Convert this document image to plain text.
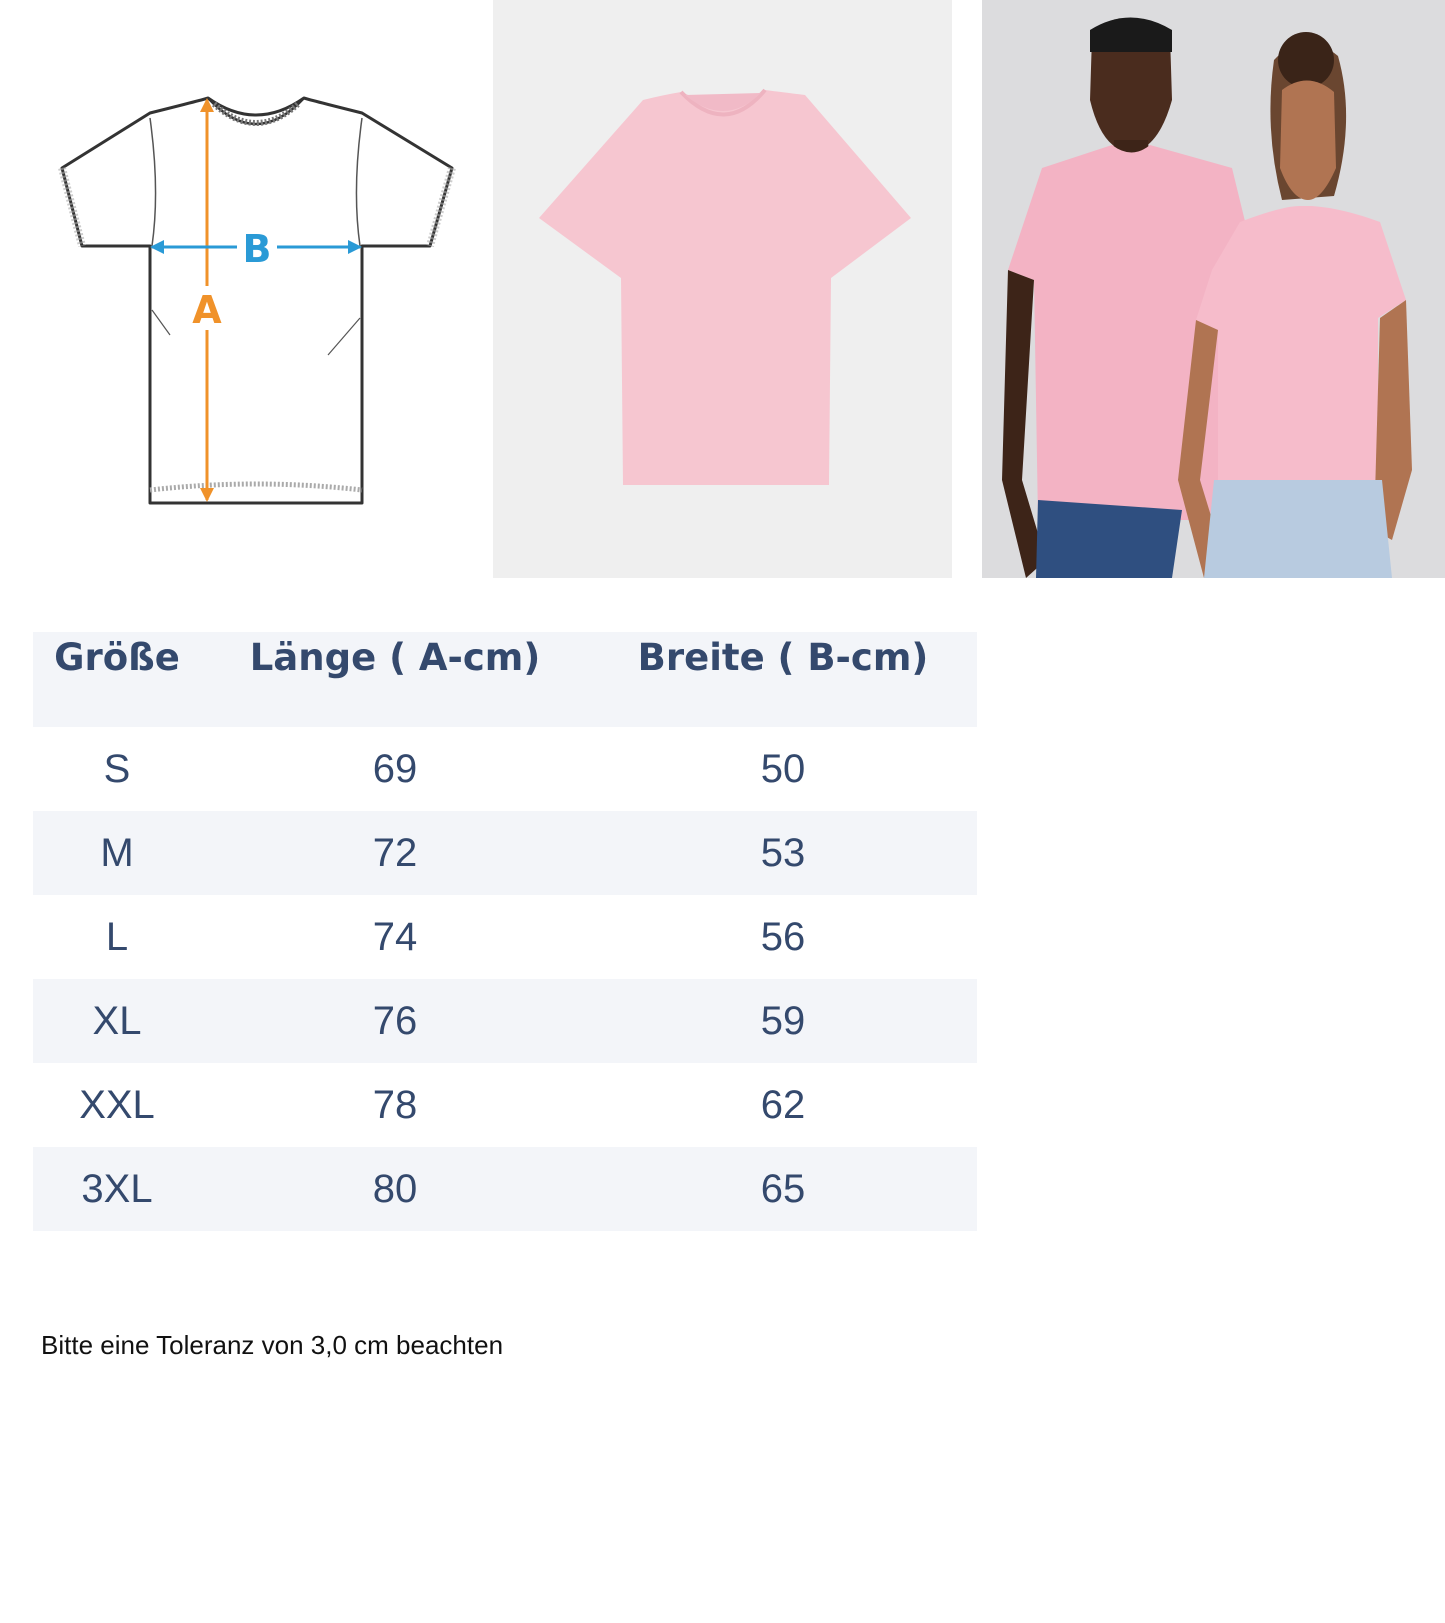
A
B
Größe	Länge ( A-cm)	Breite ( B-cm)
S	69	50
M	72	53
L	74	56
XL	76	59
XXL	78	62
3XL	80	65
Bitte eine Toleranz von 3,0 cm beachten
